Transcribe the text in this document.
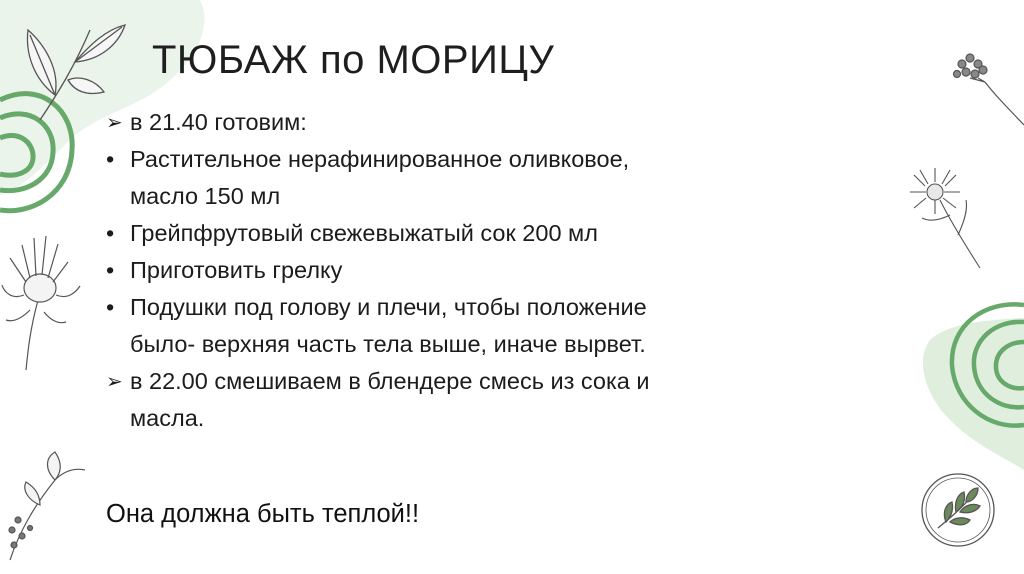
ТЮБАЖ по МОРИЦУ
➢ в 21.40 готовим:
• Растительное нерафинированное оливковое, масло 150 мл
• Грейпфрутовый свежевыжатый сок 200 мл
• Приготовить грелку
• Подушки под голову и плечи, чтобы положение было- верхняя часть тела выше, иначе вырвет.
➢ в 22.00 смешиваем в блендере смесь из сока и масла.
Она должна быть теплой!!
